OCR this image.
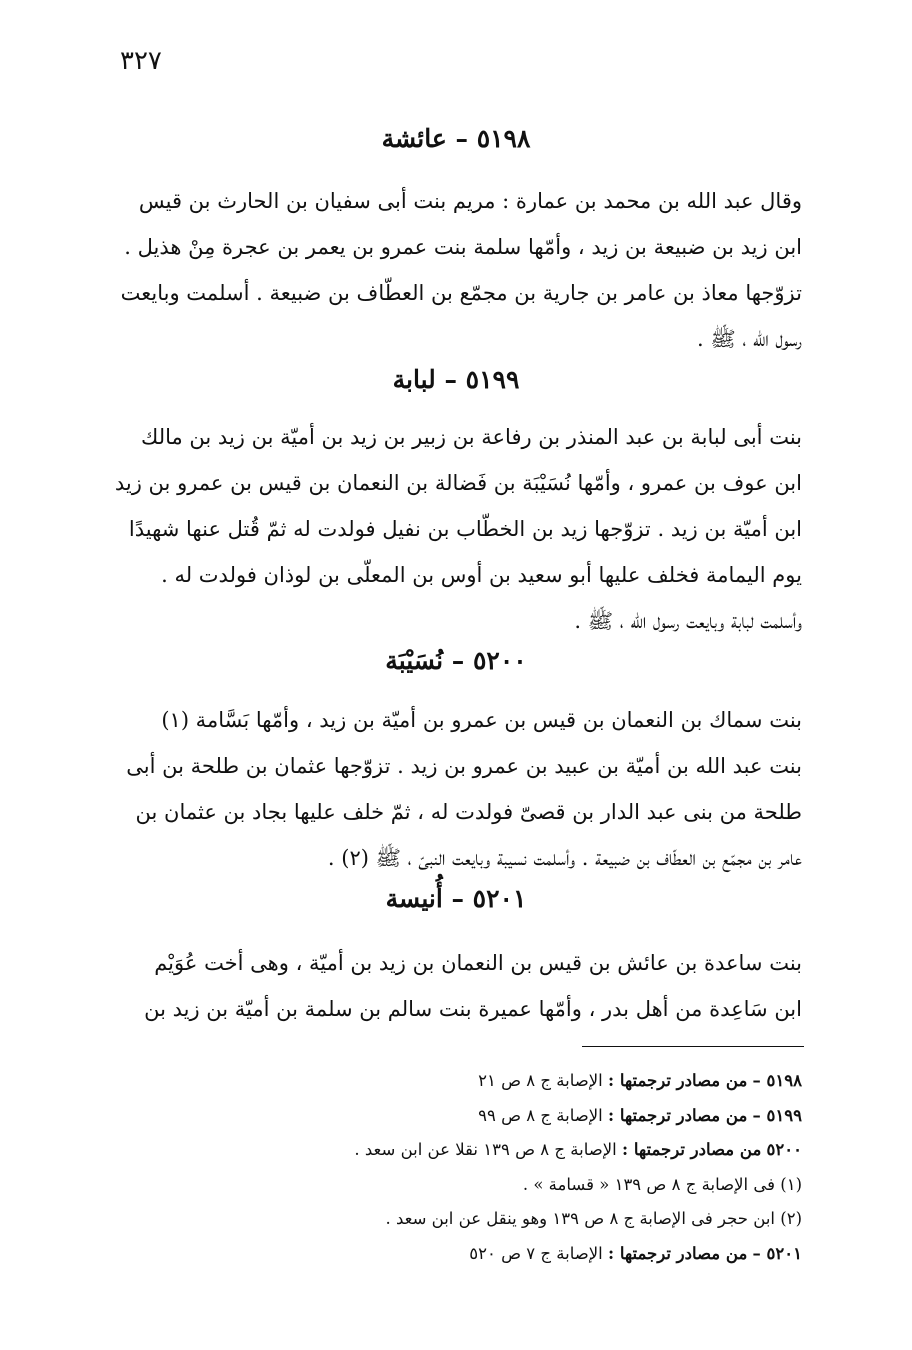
٣٢٧
٥١٩٨ – عائشة
وقال عبد الله بن محمد بن عمارة : مريم بنت أبى سفيان بن الحارث بن قيس
ابن زيد بن ضبيعة بن زيد ، وأمّها سلمة بنت عمرو بن يعمر بن عجرة مِنْ هذيل .
تزوّجها معاذ بن عامر بن جارية بن مجمّع بن العطّاف بن ضبيعة . أسلمت وبايعت
رسول الله ، ﷺ .
٥١٩٩ – لبابة
بنت أبى لبابة بن عبد المنذر بن رفاعة بن زبير بن زيد بن أميّة بن زيد بن مالك
ابن عوف بن عمرو ، وأمّها نُسَيْبَة بن فَضالة بن النعمان بن قيس بن عمرو بن زيد
ابن أميّة بن زيد . تزوّجها زيد بن الخطّاب بن نفيل فولدت له ثمّ قُتل عنها شهيدًا
يوم اليمامة فخلف عليها أبو سعيد بن أوس بن المعلّى بن لوذان فولدت له .
وأسلمت لبابة وبايعت رسول الله ، ﷺ .
٥٢٠٠ – نُسَيْبَة
بنت سماك بن النعمان بن قيس بن عمرو بن أميّة بن زيد ، وأمّها بَسَّامة (١)
بنت عبد الله بن أميّة بن عبيد بن عمرو بن زيد . تزوّجها عثمان بن طلحة بن أبى
طلحة من بنى عبد الدار بن قصىّ فولدت له ، ثمّ خلف عليها بجاد بن عثمان بن
عامر بن مجمّع بن العطّاف بن ضبيعة . وأسلمت نسيبة وبايعت النبىّ ، ﷺ (٢) .
٥٢٠١ – أُنيسة
بنت ساعدة بن عائش بن قيس بن النعمان بن زيد بن أميّة ، وهى أخت عُوَيْم
ابن سَاعِدة من أهل بدر ، وأمّها عميرة بنت سالم بن سلمة بن أميّة بن زيد بن
٥١٩٨ – من مصادر ترجمتها : الإصابة ج ٨ ص ٢١
٥١٩٩ – من مصادر ترجمتها : الإصابة ج ٨ ص ٩٩
٥٢٠٠ من مصادر ترجمتها : الإصابة ج ٨ ص ١٣٩ نقلا عن ابن سعد .
(١) فى الإصابة ج ٨ ص ١٣٩ « قسامة » .
(٢) ابن حجر فى الإصابة ج ٨ ص ١٣٩ وهو ينقل عن ابن سعد .
٥٢٠١ – من مصادر ترجمتها : الإصابة ج ٧ ص ٥٢٠
